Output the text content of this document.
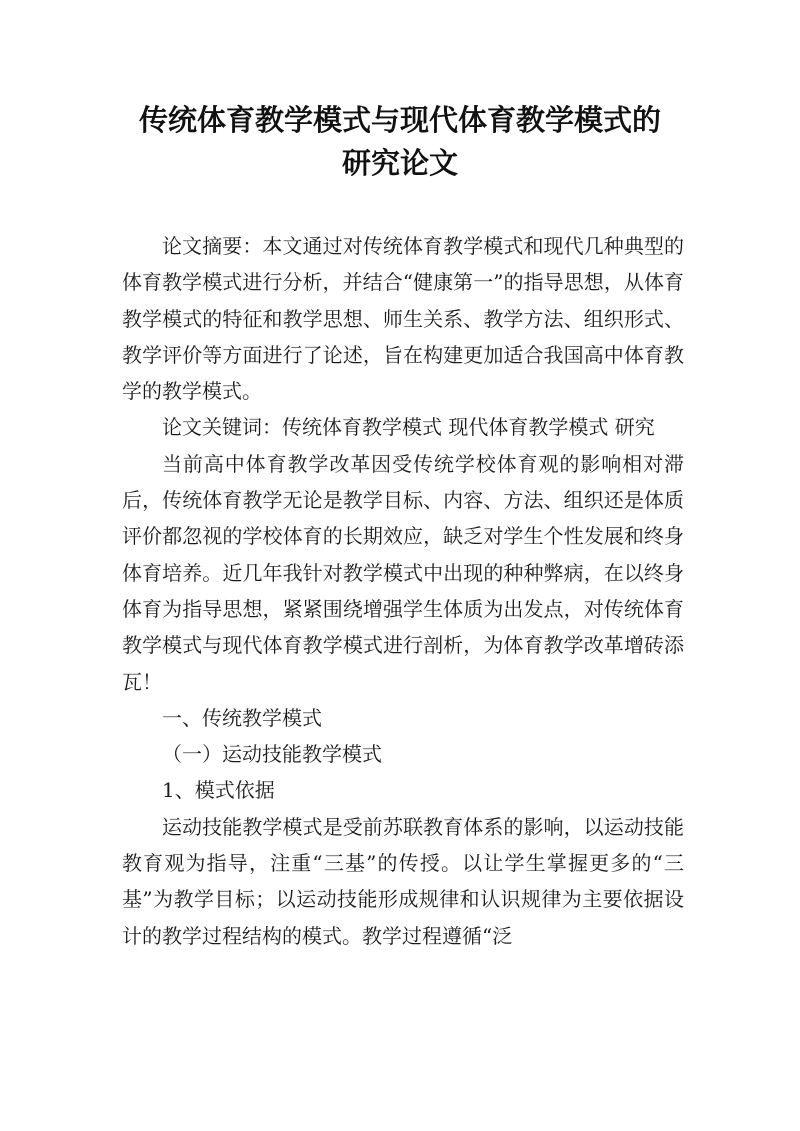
传统体育教学模式与现代体育教学模式的
研究论文

论文摘要：本文通过对传统体育教学模式和现代几种典型的体育教学模式进行分析，并结合“健康第一”的指导思想，从体育教学模式的特征和教学思想、师生关系、教学方法、组织形式、教学评价等方面进行了论述，旨在构建更加适合我国高中体育教学的教学模式。

论文关键词：传统体育教学模式 现代体育教学模式 研究

当前高中体育教学改革因受传统学校体育观的影响相对滞后，传统体育教学无论是教学目标、内容、方法、组织还是体质评价都忽视的学校体育的长期效应，缺乏对学生个性发展和终身体育培养。近几年我针对教学模式中出现的种种弊病，在以终身体育为指导思想，紧紧围绕增强学生体质为出发点，对传统体育教学模式与现代体育教学模式进行剖析，为体育教学改革增砖添瓦！

一、传统教学模式

（一）运动技能教学模式

1、模式依据

运动技能教学模式是受前苏联教育体系的影响，以运动技能教育观为指导，注重“三基”的传授。以让学生掌握更多的“三基”为教学目标；以运动技能形成规律和认识规律为主要依据设计的教学过程结构的模式。教学过程遵循“泛
